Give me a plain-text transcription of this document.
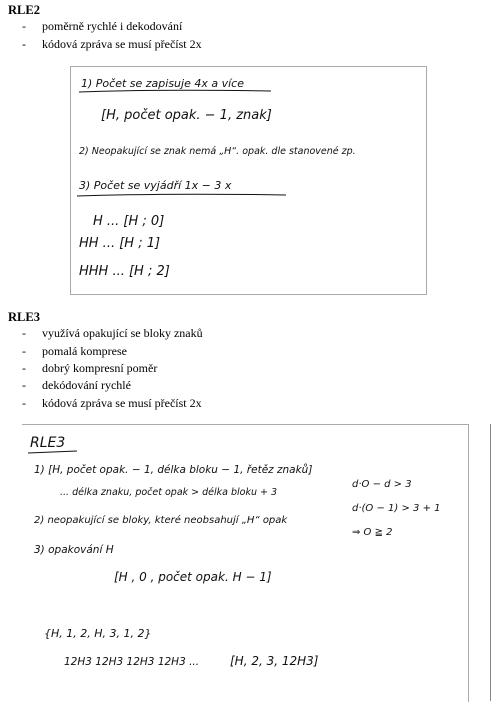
RLE2
- poměrně rychlé i dekodování
- kódová zpráva se musí přečíst 2x
1) Počet se zapisuje 4x a více
[H, počet opak. − 1, znak]
2) Neopakující se znak nemá „H“. opak. dle stanovené zp.
3) Počet se vyjádří 1x − 3 x
H ... [H ; 0]
HH ... [H ; 1]
HHH ... [H ; 2]
RLE3
- využívá opakující se bloky znaků
- pomalá komprese
- dobrý kompresní poměr
- dekódování rychlé
- kódová zpráva se musí přečíst 2x
RLE3
1) [H, počet opak. − 1, délka bloku − 1, řetěz znaků]
... délka znaku, počet opak > délka bloku + 3
d·O − d > 3
d·(O − 1) > 3 + 1
⇒ O ≧ 2
2) neopakující se bloky, které neobsahují „H“ opak
3) opakování H
[H , 0 , počet opak. H − 1]
{H, 1, 2, H, 3, 1, 2}
12H3 12H3 12H3 12H3 ...	[H, 2, 3, 12H3]
